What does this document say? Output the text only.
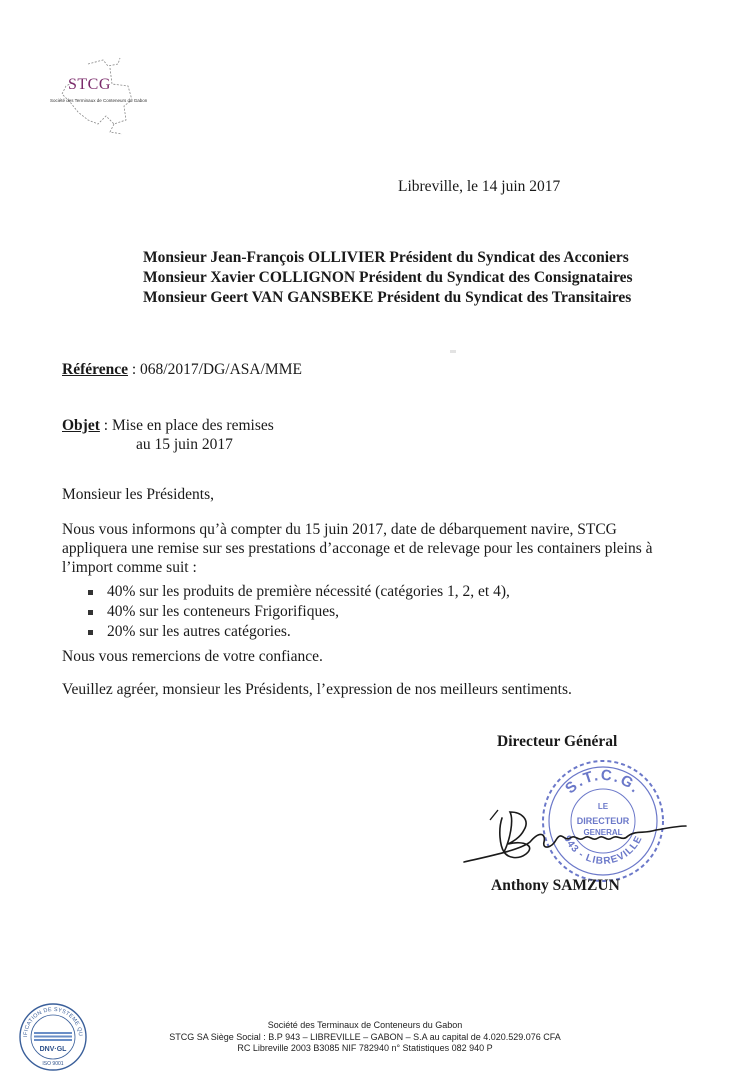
STCG
Société des Terminaux de Conteneurs du Gabon
Libreville, le 14 juin 2017
Monsieur Jean-François OLLIVIER Président du Syndicat des Acconiers
Monsieur Xavier COLLIGNON Président du Syndicat des Consignataires
Monsieur Geert VAN GANSBEKE Président du Syndicat des Transitaires
Référence : 068/2017/DG/ASA/MME
Objet : Mise en place des remises
au 15 juin 2017
Monsieur les Présidents,
Nous vous informons qu’à compter du 15 juin 2017, date de débarquement navire, STCG appliquera une remise sur ses prestations d’acconage et de relevage pour les containers pleins à l’import comme suit :
40% sur les produits de première nécessité (catégories 1, 2, et 4),
40% sur les conteneurs Frigorifiques,
20% sur les autres catégories.
Nous vous remercions de votre confiance.
Veuillez agréer, monsieur les Présidents, l’expression de nos meilleurs sentiments.
Directeur Général
S.T.C.G.
943 - LIBREVILLE
LE
DIRECTEUR
GENERAL
Anthony SAMZUN
IFICATION DE SYSTEME QU
DNV·GL
ISO 9001
Société des Terminaux de Conteneurs du Gabon
STCG SA Siège Social : B.P 943 – LIBREVILLE – GABON – S.A au capital de 4.020.529.076 CFA
RC Libreville 2003 B3085 NIF 782940 n° Statistiques 082 940 P
